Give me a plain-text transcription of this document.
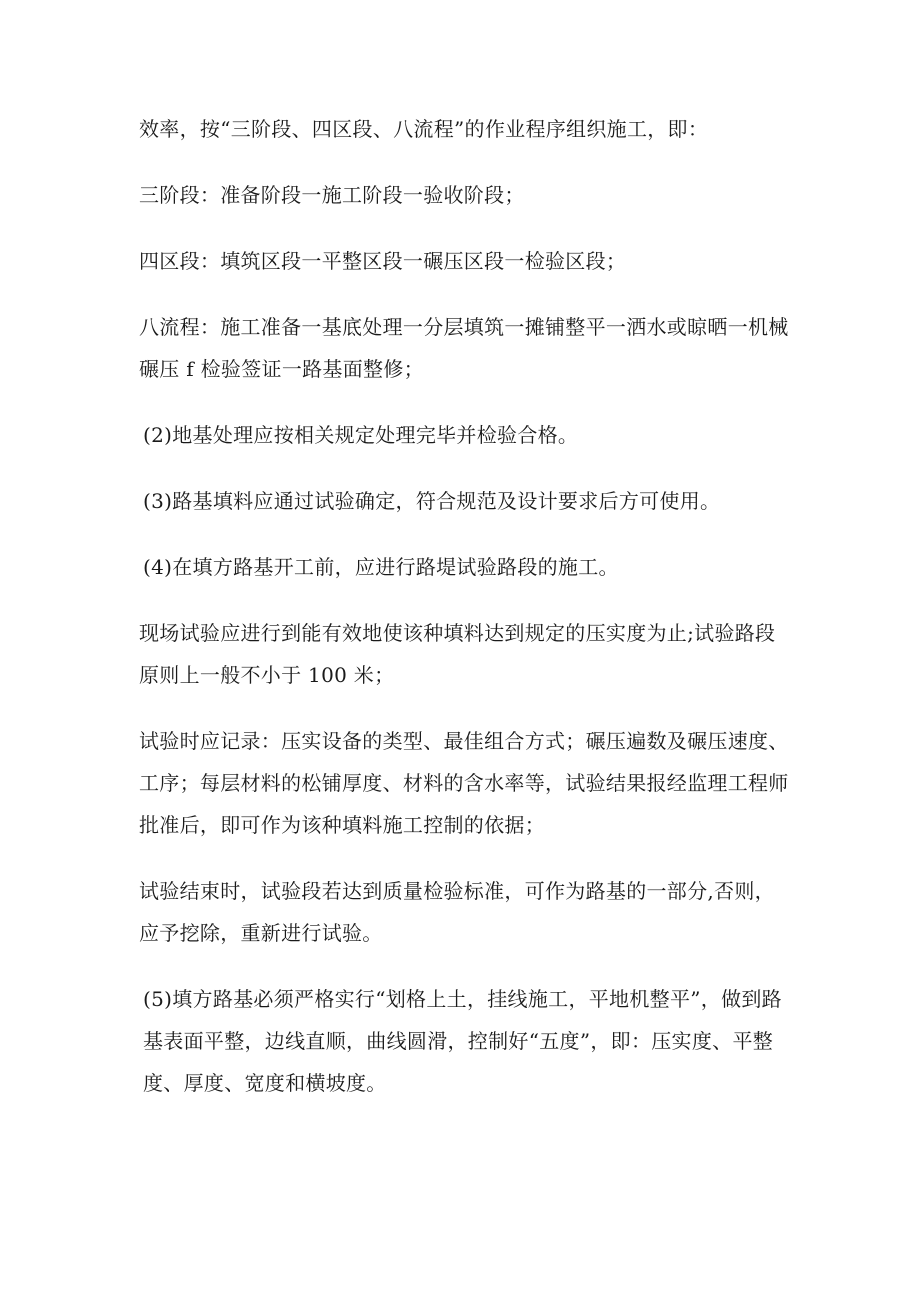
效率，按“三阶段、四区段、八流程”的作业程序组织施工，即：

三阶段：准备阶段一施工阶段一验收阶段；

四区段：填筑区段一平整区段一碾压区段一检验区段；

八流程：施工准备一基底处理一分层填筑一摊铺整平一洒水或晾晒一机械碾压 f 检验签证一路基面整修；

(2)地基处理应按相关规定处理完毕并检验合格。

(3)路基填料应通过试验确定，符合规范及设计要求后方可使用。

(4)在填方路基开工前，应进行路堤试验路段的施工。

现场试验应进行到能有效地使该种填料达到规定的压实度为止;试验路段原则上一般不小于 100 米；

试验时应记录：压实设备的类型、最佳组合方式；碾压遍数及碾压速度、工序；每层材料的松铺厚度、材料的含水率等，试验结果报经监理工程师批准后，即可作为该种填料施工控制的依据；

试验结束时，试验段若达到质量检验标准，可作为路基的一部分,否则，应予挖除，重新进行试验。

(5)填方路基必须严格实行“划格上土，挂线施工，平地机整平”，做到路基表面平整，边线直顺，曲线圆滑，控制好“五度”，即：压实度、平整度、厚度、宽度和横坡度。
